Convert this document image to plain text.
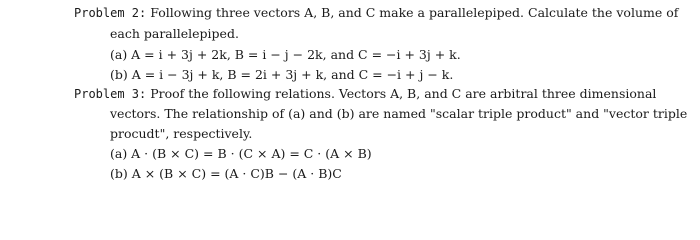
Problem 2: Following three vectors A, B, and C make a parallelepiped. Calculate the volume of
each parallelepiped.
(a) A = i + 3j + 2k, B = i − j − 2k, and C = −i + 3j + k.
(b) A = i − 3j + k, B = 2i + 3j + k, and C = −i + j − k.
Problem 3: Proof the following relations. Vectors A, B, and C are arbitral three dimensional
vectors. The relationship of (a) and (b) are named "scalar triple product" and "vector triple
procudt", respectively.
(a) A · (B × C) = B · (C × A) = C · (A × B)
(b) A × (B × C) = (A · C)B − (A · B)C
